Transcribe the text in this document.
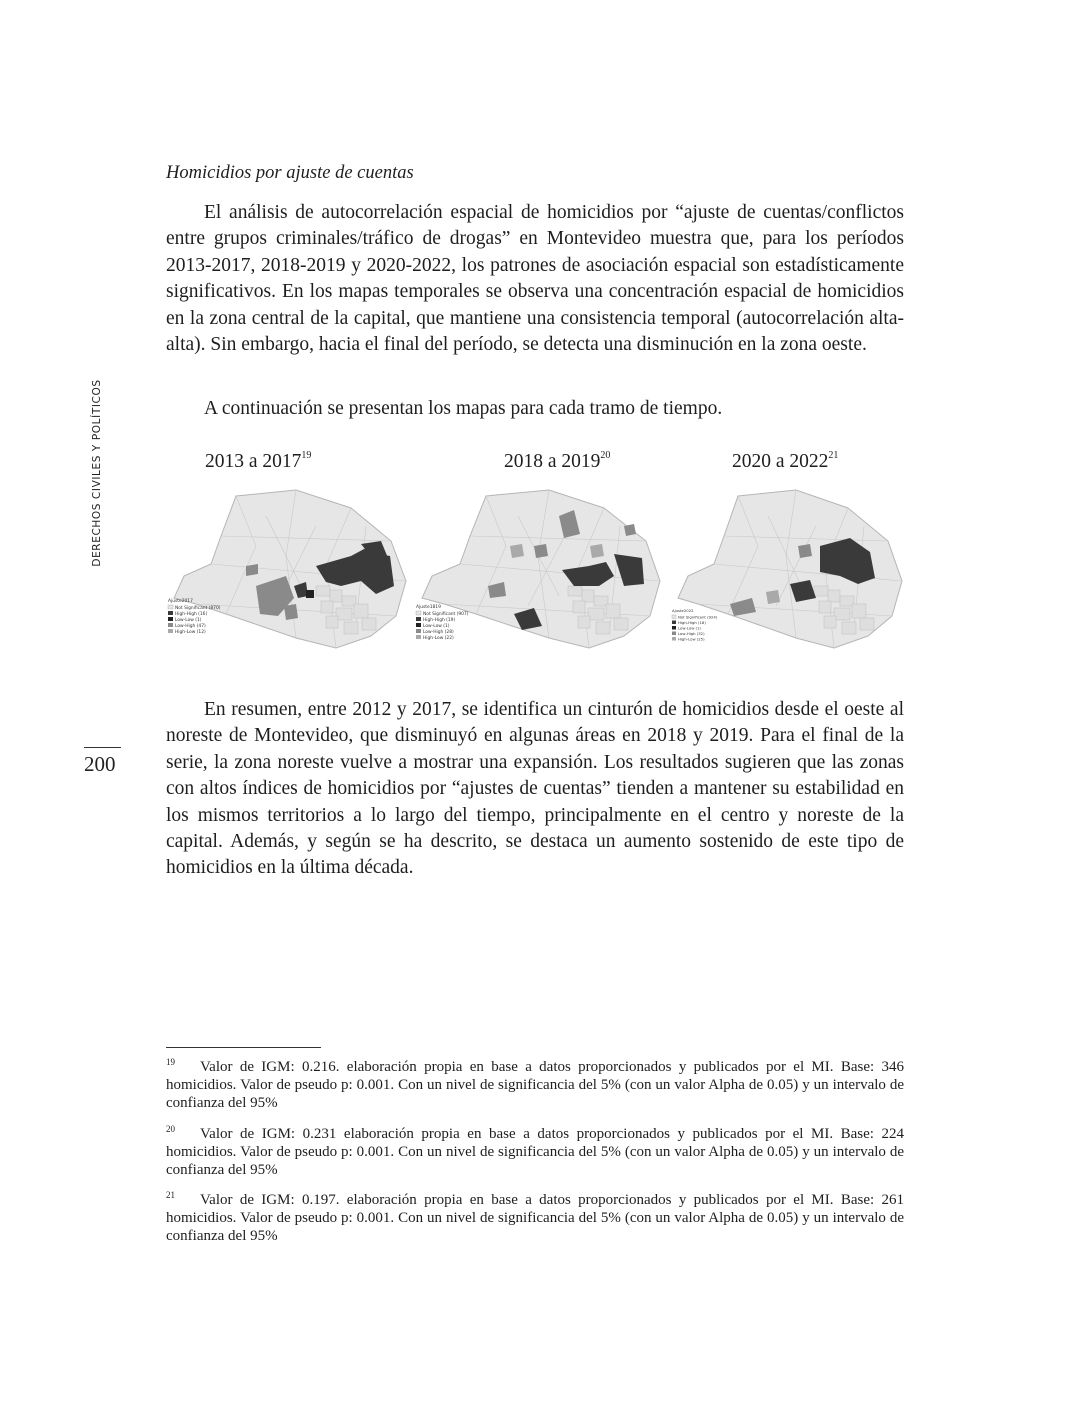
DERECHOS CIVILES Y POLÍTICOS
200
Homicidios por ajuste de cuentas

El análisis de autocorrelación espacial de homicidios por “ajuste de cuentas/conflictos entre grupos criminales/tráfico de drogas” en Montevideo muestra que, para los períodos 2013-2017, 2018-2019 y 2020-2022, los patrones de asociación espacial son estadísticamente significativos. En los mapas temporales se observa una concentración espacial de homicidios en la zona central de la capital, que mantiene una consistencia temporal (autocorrelación alta-alta). Sin embargo, hacia el final del período, se detecta una disminución en la zona oeste.

A continuación se presentan los mapas para cada tramo de tiempo.

2013 a 2017$^{19}$	2018 a 2019$^{20}$	2020 a 2022$^{21}$
Ajuste2017
Not Significant (870)
High-High (16)
Low-Low (1)
Low-High (47)
High-Low (12)
Ajuste1819
Not Significant (907)
High-High (19)
Low-Low (1)
Low-High (28)
High-Low (22)
Ajuste2022
Not Significant (924)
High-High (18)
Low-Low (1)
Low-High (32)
High-Low (25)

En resumen, entre 2012 y 2017, se identifica un cinturón de homicidios desde el oeste al noreste de Montevideo, que disminuyó en algunas áreas en 2018 y 2019. Para el final de la serie, la zona noreste vuelve a mostrar una expansión. Los resultados sugieren que las zonas con altos índices de homicidios por “ajustes de cuentas” tienden a mantener su estabilidad en los mismos territorios a lo largo del tiempo, principalmente en el centro y noreste de la capital. Además, y según se ha descrito, se destaca un aumento sostenido de este tipo de homicidios en la última década.

19 Valor de IGM: 0.216. elaboración propia en base a datos proporcionados y publicados por el MI. Base: 346 homicidios. Valor de pseudo p: 0.001. Con un nivel de significancia del 5% (con un valor Alpha de 0.05) y un intervalo de confianza del 95%

20 Valor de IGM: 0.231 elaboración propia en base a datos proporcionados y publicados por el MI. Base: 224 homicidios. Valor de pseudo p: 0.001. Con un nivel de significancia del 5% (con un valor Alpha de 0.05) y un intervalo de confianza del 95%

21 Valor de IGM: 0.197. elaboración propia en base a datos proporcionados y publicados por el MI. Base: 261 homicidios. Valor de pseudo p: 0.001. Con un nivel de significancia del 5% (con un valor Alpha de 0.05) y un intervalo de confianza del 95%
